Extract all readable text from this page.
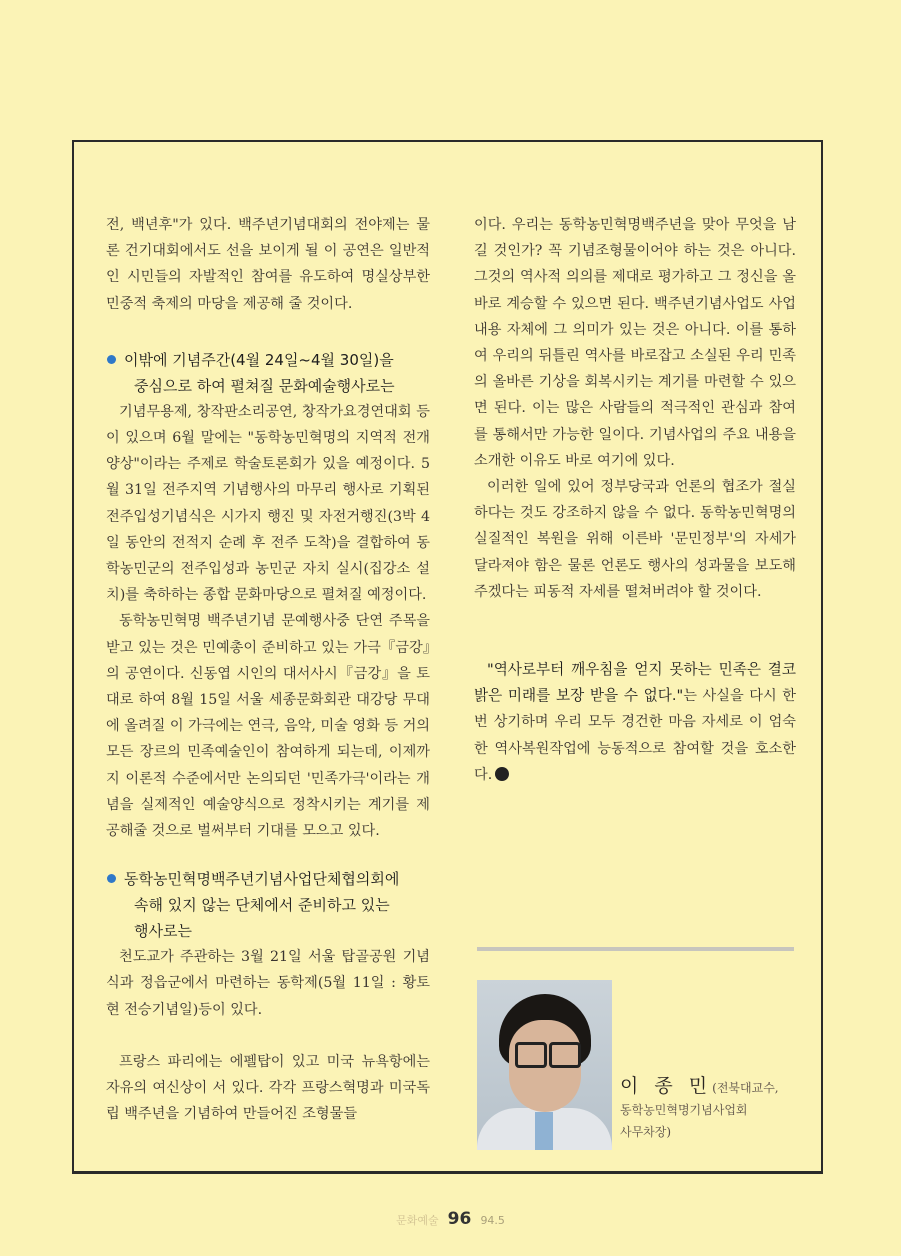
전, 백년후"가 있다. 백주년기념대회의 전야제는 물론 건기대회에서도 선을 보이게 될 이 공연은 일반적인 시민들의 자발적인 참여를 유도하여 명실상부한 민중적 축제의 마당을 제공해 줄 것이다.

이밖에 기념주간(4월 24일~4월 30일)을
중심으로 하여 펼쳐질 문화예술행사로는

기념무용제, 창작판소리공연, 창작가요경연대회 등이 있으며 6월 말에는 "동학농민혁명의 지역적 전개양상"이라는 주제로 학술토론회가 있을 예정이다. 5월 31일 전주지역 기념행사의 마무리 행사로 기획된 전주입성기념식은 시가지 행진 및 자전거행진(3박 4일 동안의 전적지 순례 후 전주 도착)을 결합하여 동학농민군의 전주입성과 농민군 자치 실시(집강소 설치)를 축하하는 종합 문화마당으로 펼쳐질 예정이다.

동학농민혁명 백주년기념 문예행사중 단연 주목을 받고 있는 것은 민예총이 준비하고 있는 가극『금강』의 공연이다. 신동엽 시인의 대서사시『금강』을 토대로 하여 8월 15일 서울 세종문화회관 대강당 무대에 올려질 이 가극에는 연극, 음악, 미술 영화 등 거의 모든 장르의 민족예술인이 참여하게 되는데, 이제까지 이론적 수준에서만 논의되던 '민족가극'이라는 개념을 실제적인 예술양식으로 정착시키는 계기를 제공해줄 것으로 벌써부터 기대를 모으고 있다.

동학농민혁명백주년기념사업단체협의회에
속해 있지 않는 단체에서 준비하고 있는
행사로는

천도교가 주관하는 3월 21일 서울 탑골공원 기념식과 정읍군에서 마련하는 동학제(5월 11일 : 황토현 전승기념일)등이 있다.

프랑스 파리에는 에펠탑이 있고 미국 뉴욕항에는 자유의 여신상이 서 있다. 각각 프랑스혁명과 미국독립 백주년을 기념하여 만들어진 조형물들

이다. 우리는 동학농민혁명백주년을 맞아 무엇을 남길 것인가? 꼭 기념조형물이어야 하는 것은 아니다. 그것의 역사적 의의를 제대로 평가하고 그 정신을 올바로 계승할 수 있으면 된다. 백주년기념사업도 사업내용 자체에 그 의미가 있는 것은 아니다. 이를 통하여 우리의 뒤틀린 역사를 바로잡고 소실된 우리 민족의 올바른 기상을 회복시키는 계기를 마련할 수 있으면 된다. 이는 많은 사람들의 적극적인 관심과 참여를 통해서만 가능한 일이다. 기념사업의 주요 내용을 소개한 이유도 바로 여기에 있다.

이러한 일에 있어 정부당국과 언론의 협조가 절실하다는 것도 강조하지 않을 수 없다. 동학농민혁명의 실질적인 복원을 위해 이른바 '문민정부'의 자세가 달라져야 함은 물론 언론도 행사의 성과물을 보도해주겠다는 피동적 자세를 떨쳐버려야 할 것이다.

"역사로부터 깨우침을 얻지 못하는 민족은 결코 밝은 미래를 보장 받을 수 없다."는 사실을 다시 한번 상기하며 우리 모두 경건한 마음 자세로 이 엄숙한 역사복원작업에 능동적으로 참여할 것을 호소한다.

이 종 민(전북대교수,
동학농민혁명기념사업회
사무차장)
문화예술 96 94.5
